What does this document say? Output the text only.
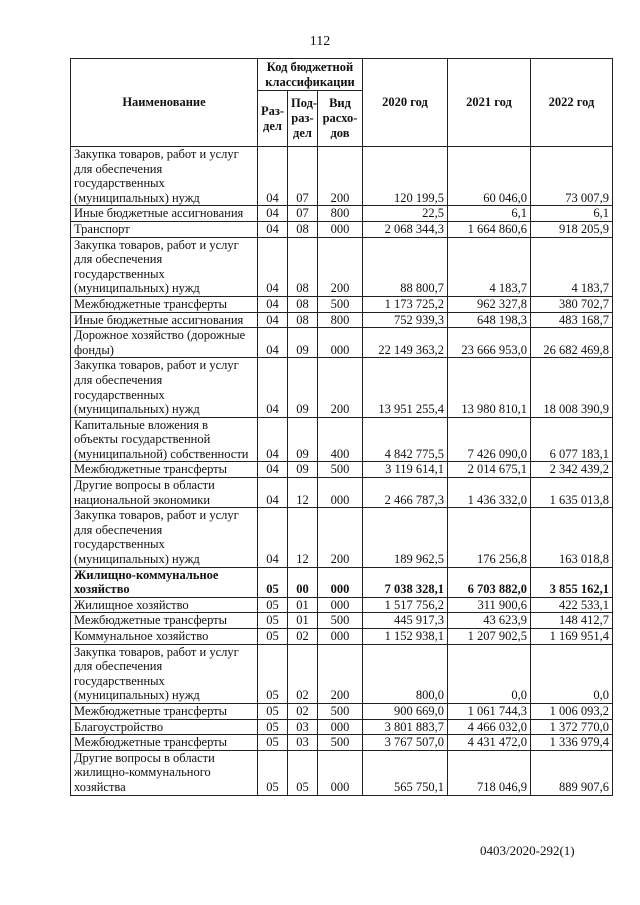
112
Наименование	Код бюджетной классификации			2020 год	2021 год	2022 год
	Раз-дел	Под-раз-дел	Вид расхо-дов			
Закупка товаров, работ и услуг для обеспечения государственных (муниципальных) нужд	04	07	200	120 199,5	60 046,0	73 007,9
Иные бюджетные ассигнования	04	07	800	22,5	6,1	6,1
Транспорт	04	08	000	2 068 344,3	1 664 860,6	918 205,9
Закупка товаров, работ и услуг для обеспечения государственных (муниципальных) нужд	04	08	200	88 800,7	4 183,7	4 183,7
Межбюджетные трансферты	04	08	500	1 173 725,2	962 327,8	380 702,7
Иные бюджетные ассигнования	04	08	800	752 939,3	648 198,3	483 168,7
Дорожное хозяйство (дорожные фонды)	04	09	000	22 149 363,2	23 666 953,0	26 682 469,8
Закупка товаров, работ и услуг для обеспечения государственных (муниципальных) нужд	04	09	200	13 951 255,4	13 980 810,1	18 008 390,9
Капитальные вложения в объекты государственной (муниципальной) собственности	04	09	400	4 842 775,5	7 426 090,0	6 077 183,1
Межбюджетные трансферты	04	09	500	3 119 614,1	2 014 675,1	2 342 439,2
Другие вопросы в области национальной экономики	04	12	000	2 466 787,3	1 436 332,0	1 635 013,8
Закупка товаров, работ и услуг для обеспечения государственных (муниципальных) нужд	04	12	200	189 962,5	176 256,8	163 018,8
Жилищно-коммунальное хозяйство	05	00	000	7 038 328,1	6 703 882,0	3 855 162,1
Жилищное хозяйство	05	01	000	1 517 756,2	311 900,6	422 533,1
Межбюджетные трансферты	05	01	500	445 917,3	43 623,9	148 412,7
Коммунальное хозяйство	05	02	000	1 152 938,1	1 207 902,5	1 169 951,4
Закупка товаров, работ и услуг для обеспечения государственных (муниципальных) нужд	05	02	200	800,0	0,0	0,0
Межбюджетные трансферты	05	02	500	900 669,0	1 061 744,3	1 006 093,2
Благоустройство	05	03	000	3 801 883,7	4 466 032,0	1 372 770,0
Межбюджетные трансферты	05	03	500	3 767 507,0	4 431 472,0	1 336 979,4
Другие вопросы в области жилищно-коммунального хозяйства	05	05	000	565 750,1	718 046,9	889 907,6
0403/2020-292(1)
